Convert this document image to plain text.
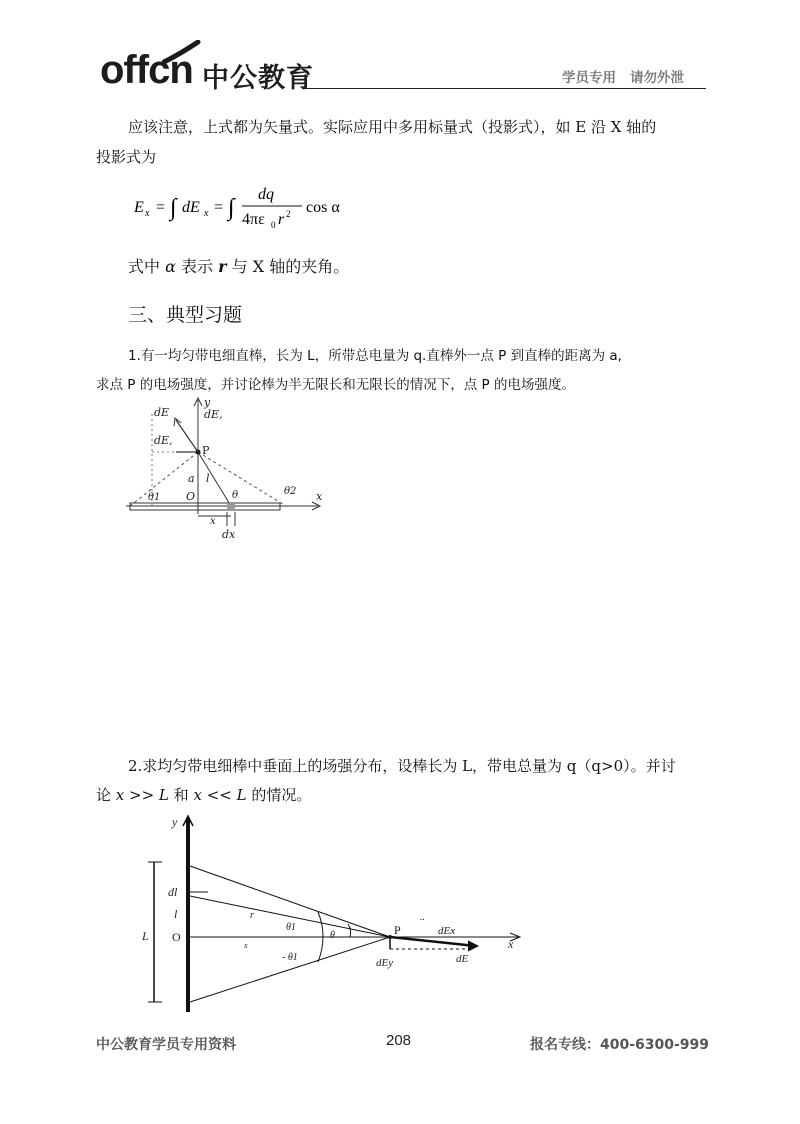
offcn 中公教育	学员专用 请勿外泄
应该注意，上式都为矢量式。实际应用中多用标量式（投影式），如 E 沿 X 轴的
投影式为
E x = ∫ dE x = ∫
dq
4πε 0 r 2 cos α
式中 α 表示 r 与 X 轴的夹角。
三、典型习题
1.有一均匀带电细直棒，长为 L，所带总电量为 q.直棒外一点 P 到直棒的距离为 a,
求点 P 的电场强度，并讨论棒为半无限长和无限长的情况下，点 P 的电场强度。
dE	dE,
dE,
y
P
a l
O
θ1	θ	θ2 x
x
dx
2.求均匀带电细棒中垂面上的场强分布，设棒长为 L，带电总量为 q（q>0）。并讨
论 x >> L 和 x << L 的情况。
y
dl
l
L O
r
θ1
θ
- θ1
x
P
..
dEx
dEy	dE
x
中公教育学员专用资料	208	报名专线：400-6300-999
